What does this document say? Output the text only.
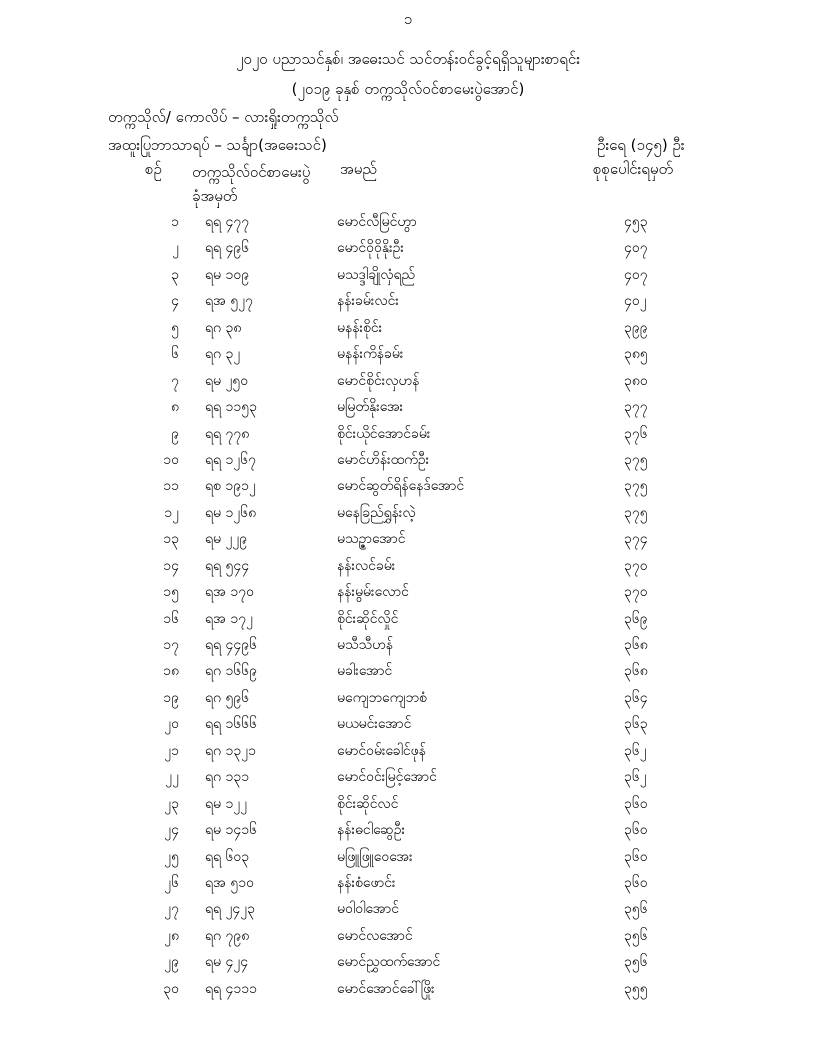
၁
၂၀၂၀ ပညာသင်နှစ်၊ အဓေးသင် သင်တန်းဝင်ခွင့်ရရှိသူများစာရင်း
(၂၀၁၉ ခုနှစ် တက္ကသိုလ်ဝင်စာမေးပွဲအောင်)
တက္ကသိုလ်/ ကောလိပ် – လားရှိုးတက္ကသိုလ်
အထူးပြုဘာသာရပ် – သင်္ချာ(အဓေးသင်)	ဦးရေ (၁၄၅) ဦး
စဉ် တက္ကသိုလ်ဝင်စာမေးပွဲ ခုံအမှတ်
အမည်	စုစုပေါင်းရမှတ်
၁ ရရ ၄၇၇	မောင်လီမြင်ဟွာ	၄၅၃
၂ ရရ ၄၉၆	မောင်ဝိုဝိုနိုးဦး	၄၀၇
၃ ရမ ၁၀၉	မသဒ္ဒါချိုလှံရည်	၄၀၇
၄ ရအ ၅၂၇	နန်းခမ်းလင်း	၄၀၂
၅ ရဂ ၃၈	မနန်းစိုင်း	၃၉၉
၆ ရဂ ၃၂	မနန်းကိန်ခမ်း	၃၈၅
၇ ရမ ၂၅၀	မောင်စိုင်းလှဟန်	၃၈၀
၈ ရရ ၁၁၅၃	မမြတ်နိုးအေး	၃၇၇
၉ ရရ ၇၇၈	စိုင်းယိုင်အောင်ခမ်း	၃၇၆
၁၀ ရရ ၁၂၆၇	မောင်ဟိန်းထက်ဦး	၃၇၅
၁၁ ရစ ၁၉၁၂	မောင်ဆွတ်ရိန်နေဒ်အောင်	၃၇၅
၁၂ ရမ ၁၂၆၈	မနေခြည်ရွှန်းလဲ့	၃၇၅
၁၃ ရမ ၂၂၉	မသဉ္ဇာအောင်	၃၇၄
၁၄ ရရ ၅၄၄	နန်းလင်ခမ်း	၃၇၀
၁၅ ရအ ၁၇၀	နန်းမွမ်းလောင်	၃၇၀
၁၆ ရအ ၁၇၂	စိုင်းဆိုင်လှိုင်	၃၆၉
၁၇ ရရ ၄၄၉၆	မသီသီဟန်	၃၆၈
၁၈ ရဂ ၁၆၆၉	မခါးအောင်	၃၆၈
၁၉ ရဂ ၅၉၆	မကျေဘကျေဘစံ	၃၆၄
၂၀ ရရ ၁၆၆၆	မယမင်းအောင်	၃၆၃
၂၁ ရဂ ၁၃၂၁	မောင်ဝမ်းခေါင်ဖုန်	၃၆၂
၂၂ ရဂ ၁၃၁	မောင်ဝင်းမြင့်အောင်	၃၆၂
၂၃ ရမ ၁၂၂	စိုင်းဆိုင်လင်	၃၆၀
၂၄ ရမ ၁၄၁၆	နန်းဓငါဆွေဦး	၃၆၀
၂၅ ရရ ၆၀၃	မဖြူဖြူဝေအေး	၃၆၀
၂၆ ရအ ၅၁၀	နန်းစံဖောင်း	၃၆၀
၂၇ ရရ ၂၄၂၃	မဝါဝါအောင်	၃၅၆
၂၈ ရဂ ၇၉၈	မောင်လအောင်	၃၅၆
၂၉ ရမ ၄၂၄	မောင်ညွှထက်အောင်	၃၅၆
၃၀ ရရ ၄၁၁၁	မောင်အောင်ခေါ်ဖြိုး	၃၅၅
